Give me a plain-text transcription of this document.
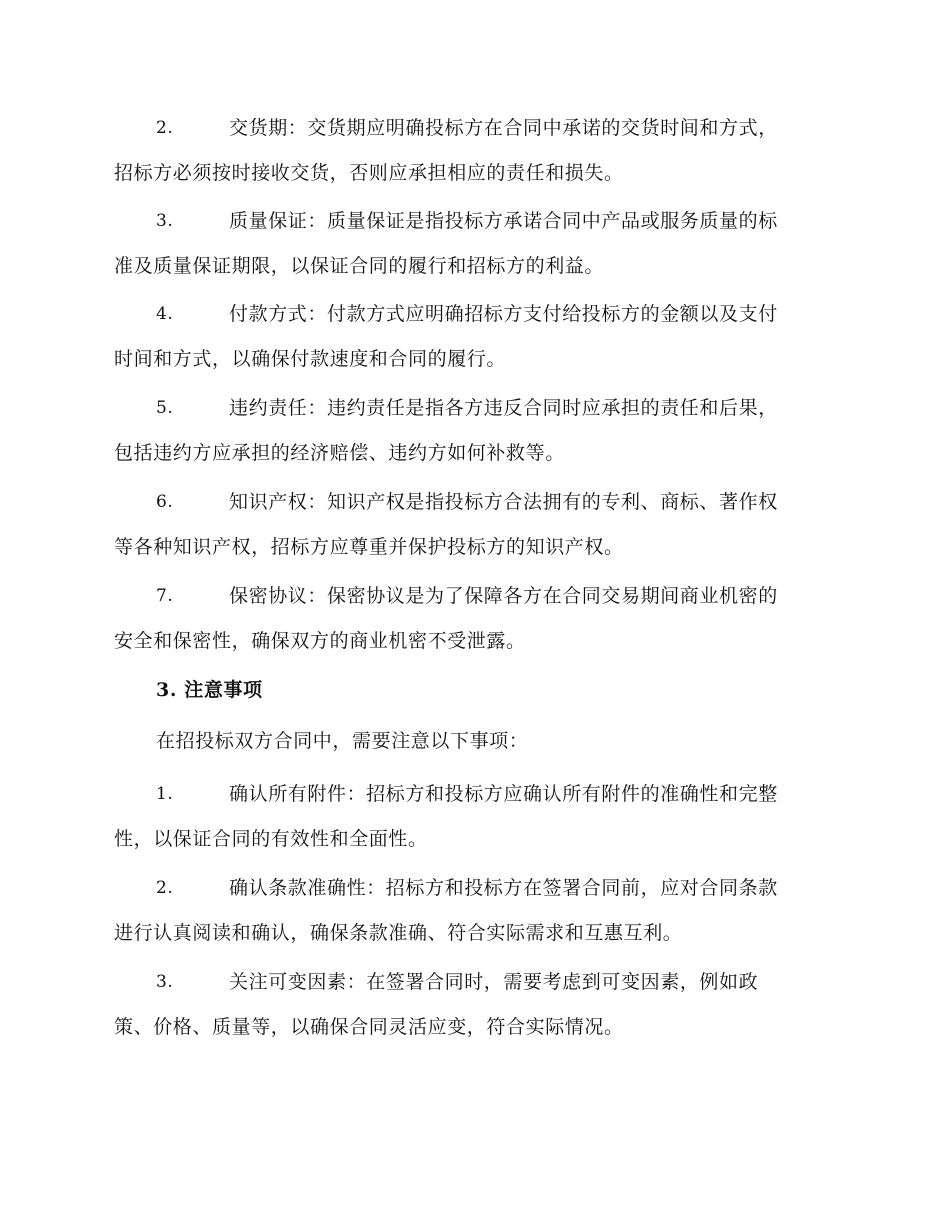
2.	交货期：交货期应明确投标方在合同中承诺的交货时间和方式，
招标方必须按时接收交货，否则应承担相应的责任和损失。
3.	质量保证：质量保证是指投标方承诺合同中产品或服务质量的标
准及质量保证期限，以保证合同的履行和招标方的利益。
4.	付款方式：付款方式应明确招标方支付给投标方的金额以及支付
时间和方式，以确保付款速度和合同的履行。
5.	违约责任：违约责任是指各方违反合同时应承担的责任和后果，
包括违约方应承担的经济赔偿、违约方如何补救等。
6.	知识产权：知识产权是指投标方合法拥有的专利、商标、著作权
等各种知识产权，招标方应尊重并保护投标方的知识产权。
7.	保密协议：保密协议是为了保障各方在合同交易期间商业机密的
安全和保密性，确保双方的商业机密不受泄露。
3. 注意事项
在招投标双方合同中，需要注意以下事项：
1.	确认所有附件：招标方和投标方应确认所有附件的准确性和完整
性，以保证合同的有效性和全面性。
2.	确认条款准确性：招标方和投标方在签署合同前，应对合同条款
进行认真阅读和确认，确保条款准确、符合实际需求和互惠互利。
3.	关注可变因素：在签署合同时，需要考虑到可变因素，例如政
策、价格、质量等，以确保合同灵活应变，符合实际情况。
